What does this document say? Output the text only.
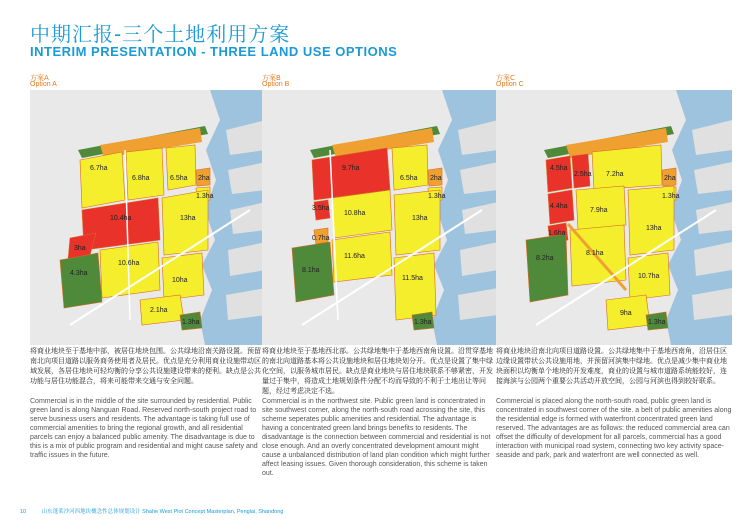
中期汇报-三个土地利用方案
INTERIM PRESENTATION - THREE LAND USE OPTIONS
方案A
Option A
6.7ha
6.8ha	6.5ha 2ha
1.3ha
13ha
10.4ha
3ha
10.6ha
4.3ha
10ha
2.1ha
1.3ha
将商业地块至于基地中部，被居住地块包围。公共绿地沿南关路设置。预留南北向项目道路以服务商务使用者及居民。优点是充分利用商业设施带动区域发展，各居住地块可轻均衡的分享公共设施建设带来的便利。缺点是公共功能与居住功能混合，将来可能带来交通与安全问题。
Commercial is in the middle of the site surrounded by residential. Public green land is along Nanguan Road. Reserved north-south project road to serve business users and residents. The advantage is taking full use of commercial amenities to bring the regional growth, and all residential parcels can enjoy a balanced public amenity. The disadvantage is due to this is a mix of public program and residential and might cause safety and traffic issues in the future.
方案B
Option B
9.7ha
6.5ha 2ha
1.3ha
3.5ha
10.8ha
13ha
0.7ha
11.6ha
8.1ha
11.5ha
1.3ha
将商业地块至于基地西北部。公共绿地集中于基地西南角设置。沿贯穿基地的南北向道路基本将公共设施地块和居住地块划分开。优点是设置了集中绿化空间，以服务城市居民。缺点是商业地块与居住地块联系不够紧密，开发量过于集中，将造成土地规划条件分配不均而导致的不利于土地出让等问题，经过考虑决定不选。
Commercial is in the northwest site. Public green land is concentrated in site southwest corner, along the north-south road acrossing the site, this scheme seperates public amenities and residential. The advantage is having a concentrated green land brings benefits to residents. The disadvantage is the connection between commercial and residential is not close enough. And an overly concentrated development amount might cause a unbalanced distribution of land plan condition which might further affect leasing issues. Given thorough consideration, this scheme is taken out.
方案C
Option C
4.5ha
2.5ha 7.2ha
2ha
4.4ha
7.9ha
1.3ha
13ha
1.6ha
8.1ha
8.2ha
10.7ha
9ha
1.3ha
将商业地块沿南北向项目道路设置。公共绿地集中于基地西南角，沿居住区边缘设置带状公共设施用地，并预留河滨集中绿地。优点是减少集中商业地块面积以均衡单个地块的开发难度，商业的设置与城市道路系统能较好，连接海滨与公园两个重要公共活动开放空间，公园与河滨也得到较好联系。
Commercial is placed along the north-south road, public green land is concentrated in southwest corner of the site. a belt of public amenities along the residential edge is formed with waterfront concentrated green land reserved. The advantages are as follows: the reduced commercial area can offset the difficulty of development for all parcels, commercial has a good interaction with municipal road system, connecting two key activity space-seaside and park, park and waterfront are well connected as well.
10	山东蓬莱沙河西地块概念性总体规划设计 Shahe West Plot Concept Masterplan, Penglai, Shandong
